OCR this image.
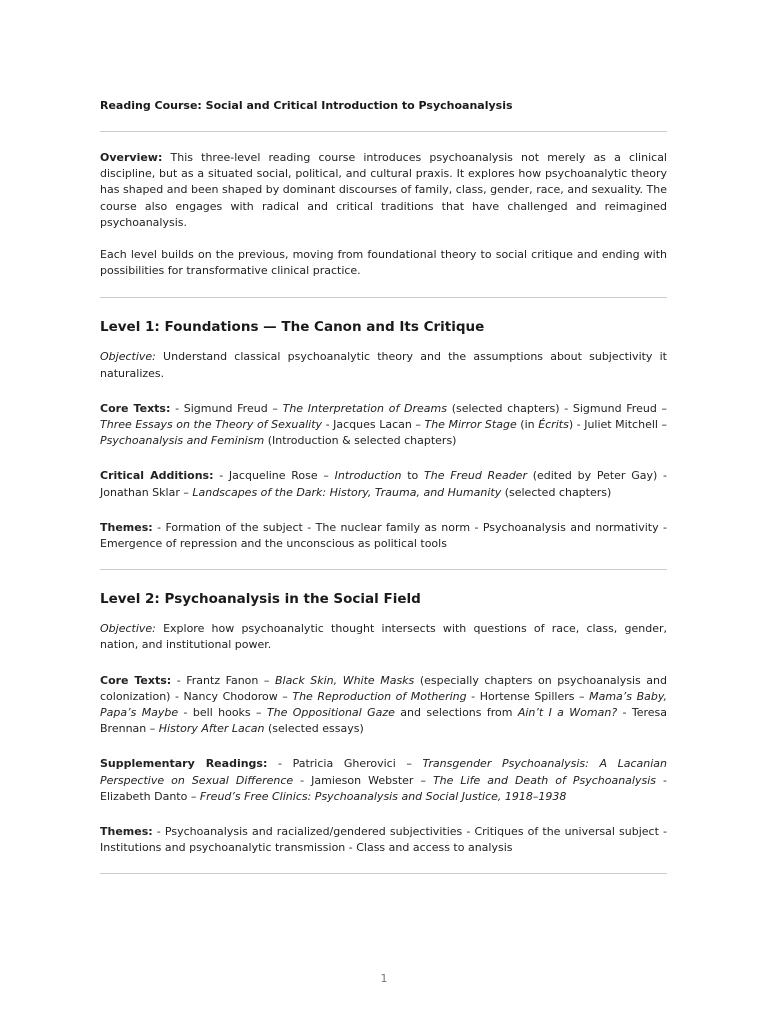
Reading Course: Social and Critical Introduction to Psychoanalysis

Overview: This three-level reading course introduces psychoanalysis not merely as a clinical discipline, but as a situated social, political, and cultural praxis. It explores how psychoanalytic theory has shaped and been shaped by dominant discourses of family, class, gender, race, and sexuality. The course also engages with radical and critical traditions that have challenged and reimagined psychoanalysis.

Each level builds on the previous, moving from foundational theory to social critique and ending with possibilities for transformative clinical practice.

Level 1: Foundations — The Canon and Its Critique

Objective: Understand classical psychoanalytic theory and the assumptions about subjectivity it naturalizes.

Core Texts: - Sigmund Freud – The Interpretation of Dreams (selected chapters) - Sigmund Freud – Three Essays on the Theory of Sexuality - Jacques Lacan – The Mirror Stage (in Écrits) - Juliet Mitchell – Psychoanalysis and Feminism (Introduction & selected chapters)

Critical Additions: - Jacqueline Rose – Introduction to The Freud Reader (edited by Peter Gay) - Jonathan Sklar – Landscapes of the Dark: History, Trauma, and Humanity (selected chapters)

Themes: - Formation of the subject - The nuclear family as norm - Psychoanalysis and normativity - Emergence of repression and the unconscious as political tools

Level 2: Psychoanalysis in the Social Field

Objective: Explore how psychoanalytic thought intersects with questions of race, class, gender, nation, and institutional power.

Core Texts: - Frantz Fanon – Black Skin, White Masks (especially chapters on psychoanalysis and colonization) - Nancy Chodorow – The Reproduction of Mothering - Hortense Spillers – Mama’s Baby, Papa’s Maybe - bell hooks – The Oppositional Gaze and selections from Ain’t I a Woman? - Teresa Brennan – History After Lacan (selected essays)

Supplementary Readings: - Patricia Gherovici – Transgender Psychoanalysis: A Lacanian Perspective on Sexual Difference - Jamieson Webster – The Life and Death of Psychoanalysis - Elizabeth Danto – Freud’s Free Clinics: Psychoanalysis and Social Justice, 1918–1938

Themes: - Psychoanalysis and racialized/gendered subjectivities - Critiques of the universal subject - Institutions and psychoanalytic transmission - Class and access to analysis

1
